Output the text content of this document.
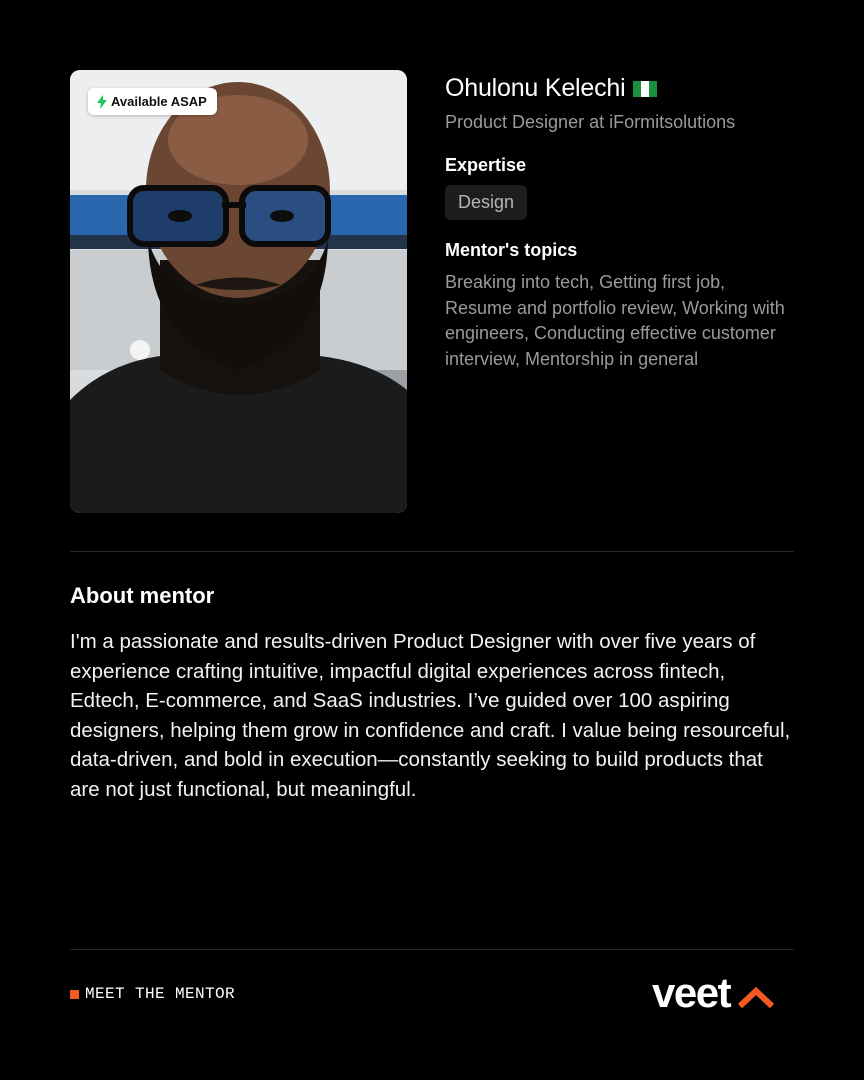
Available ASAP	Ohulonu Kelechi
Product Designer at iFormitsolutions
Expertise
Design
Mentor's topics
Breaking into tech, Getting first job, Resume and portfolio review, Working with engineers, Conducting effective customer interview, Mentorship in general
About mentor
I'm a passionate and results-driven Product Designer with over five years of experience crafting intuitive, impactful digital experiences across fintech, Edtech, E-commerce, and SaaS industries. I’ve guided over 100 aspiring designers, helping them grow in confidence and craft. I value being resourceful, data-driven, and bold in execution—constantly seeking to build products that are not just functional, but meaningful.
MEET THE MENTOR	veet
